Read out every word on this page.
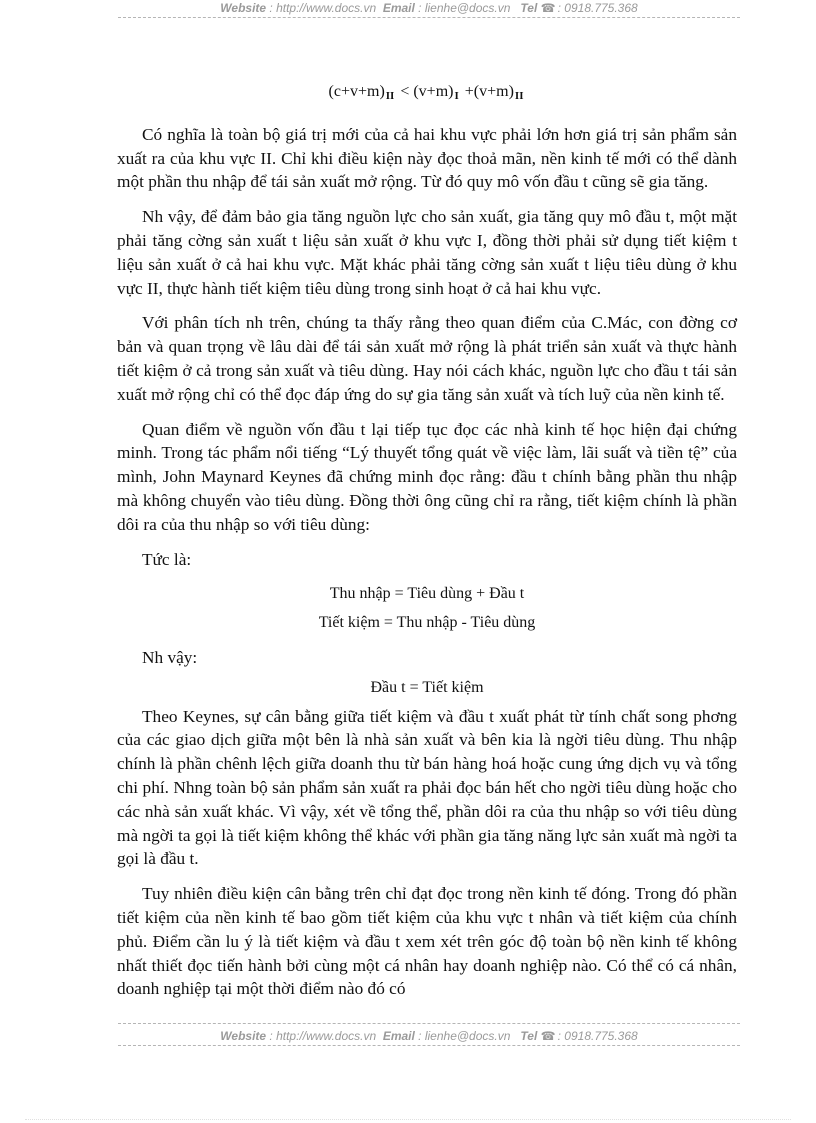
Website : http://www.docs.vn Email : lienhe@docs.vn Tel ☎ : 0918.775.368

$(c+v+m)_{II} < (v+m)_I +(v+m)_{II}$

Có nghĩa là toàn bộ giá trị mới của cả hai khu vực phải lớn hơn giá trị sản phẩm sản xuất ra của khu vực II. Chỉ khi điều kiện này đọc thoả mãn, nền kinh tế mới có thể dành một phần thu nhập để tái sản xuất mở rộng. Từ đó quy mô vốn đầu t cũng sẽ gia tăng.

Nh vậy, để đảm bảo gia tăng nguồn lực cho sản xuất, gia tăng quy mô đầu t, một mặt phải tăng cờng sản xuất t liệu sản xuất ở khu vực I, đồng thời phải sử dụng tiết kiệm t liệu sản xuất ở cả hai khu vực. Mặt khác phải tăng cờng sản xuất t liệu tiêu dùng ở khu vực II, thực hành tiết kiệm tiêu dùng trong sinh hoạt ở cả hai khu vực.

Với phân tích nh trên, chúng ta thấy rằng theo quan điểm của C.Mác, con đờng cơ bản và quan trọng về lâu dài để tái sản xuất mở rộng là phát triển sản xuất và thực hành tiết kiệm ở cả trong sản xuất và tiêu dùng. Hay nói cách khác, nguồn lực cho đầu t tái sản xuất mở rộng chỉ có thể đọc đáp ứng do sự gia tăng sản xuất và tích luỹ của nền kinh tế.

Quan điểm về nguồn vốn đầu t lại tiếp tục đọc các nhà kinh tế học hiện đại chứng minh. Trong tác phẩm nổi tiếng “Lý thuyết tổng quát về việc làm, lãi suất và tiền tệ” của mình, John Maynard Keynes đã chứng minh đọc rằng: đầu t chính bằng phần thu nhập mà không chuyển vào tiêu dùng. Đồng thời ông cũng chỉ ra rằng, tiết kiệm chính là phần dôi ra của thu nhập so với tiêu dùng:

Tức là:

Thu nhập = Tiêu dùng + Đầu t

Tiết kiệm = Thu nhập - Tiêu dùng

Nh vậy:

Đầu t = Tiết kiệm

Theo Keynes, sự cân bằng giữa tiết kiệm và đầu t xuất phát từ tính chất song phơng của các giao dịch giữa một bên là nhà sản xuất và bên kia là ngời tiêu dùng. Thu nhập chính là phần chênh lệch giữa doanh thu từ bán hàng hoá hoặc cung ứng dịch vụ và tổng chi phí. Nhng toàn bộ sản phẩm sản xuất ra phải đọc bán hết cho ngời tiêu dùng hoặc cho các nhà sản xuất khác. Vì vậy, xét về tổng thể, phần dôi ra của thu nhập so với tiêu dùng mà ngời ta gọi là tiết kiệm không thể khác với phần gia tăng năng lực sản xuất mà ngời ta gọi là đầu t.

Tuy nhiên điều kiện cân bằng trên chỉ đạt đọc trong nền kinh tế đóng. Trong đó phần tiết kiệm của nền kinh tế bao gồm tiết kiệm của khu vực t nhân và tiết kiệm của chính phủ. Điểm cần lu ý là tiết kiệm và đầu t xem xét trên góc độ toàn bộ nền kinh tế không nhất thiết đọc tiến hành bởi cùng một cá nhân hay doanh nghiệp nào. Có thể có cá nhân, doanh nghiệp tại một thời điểm nào đó có

Website : http://www.docs.vn Email : lienhe@docs.vn Tel ☎ : 0918.775.368
